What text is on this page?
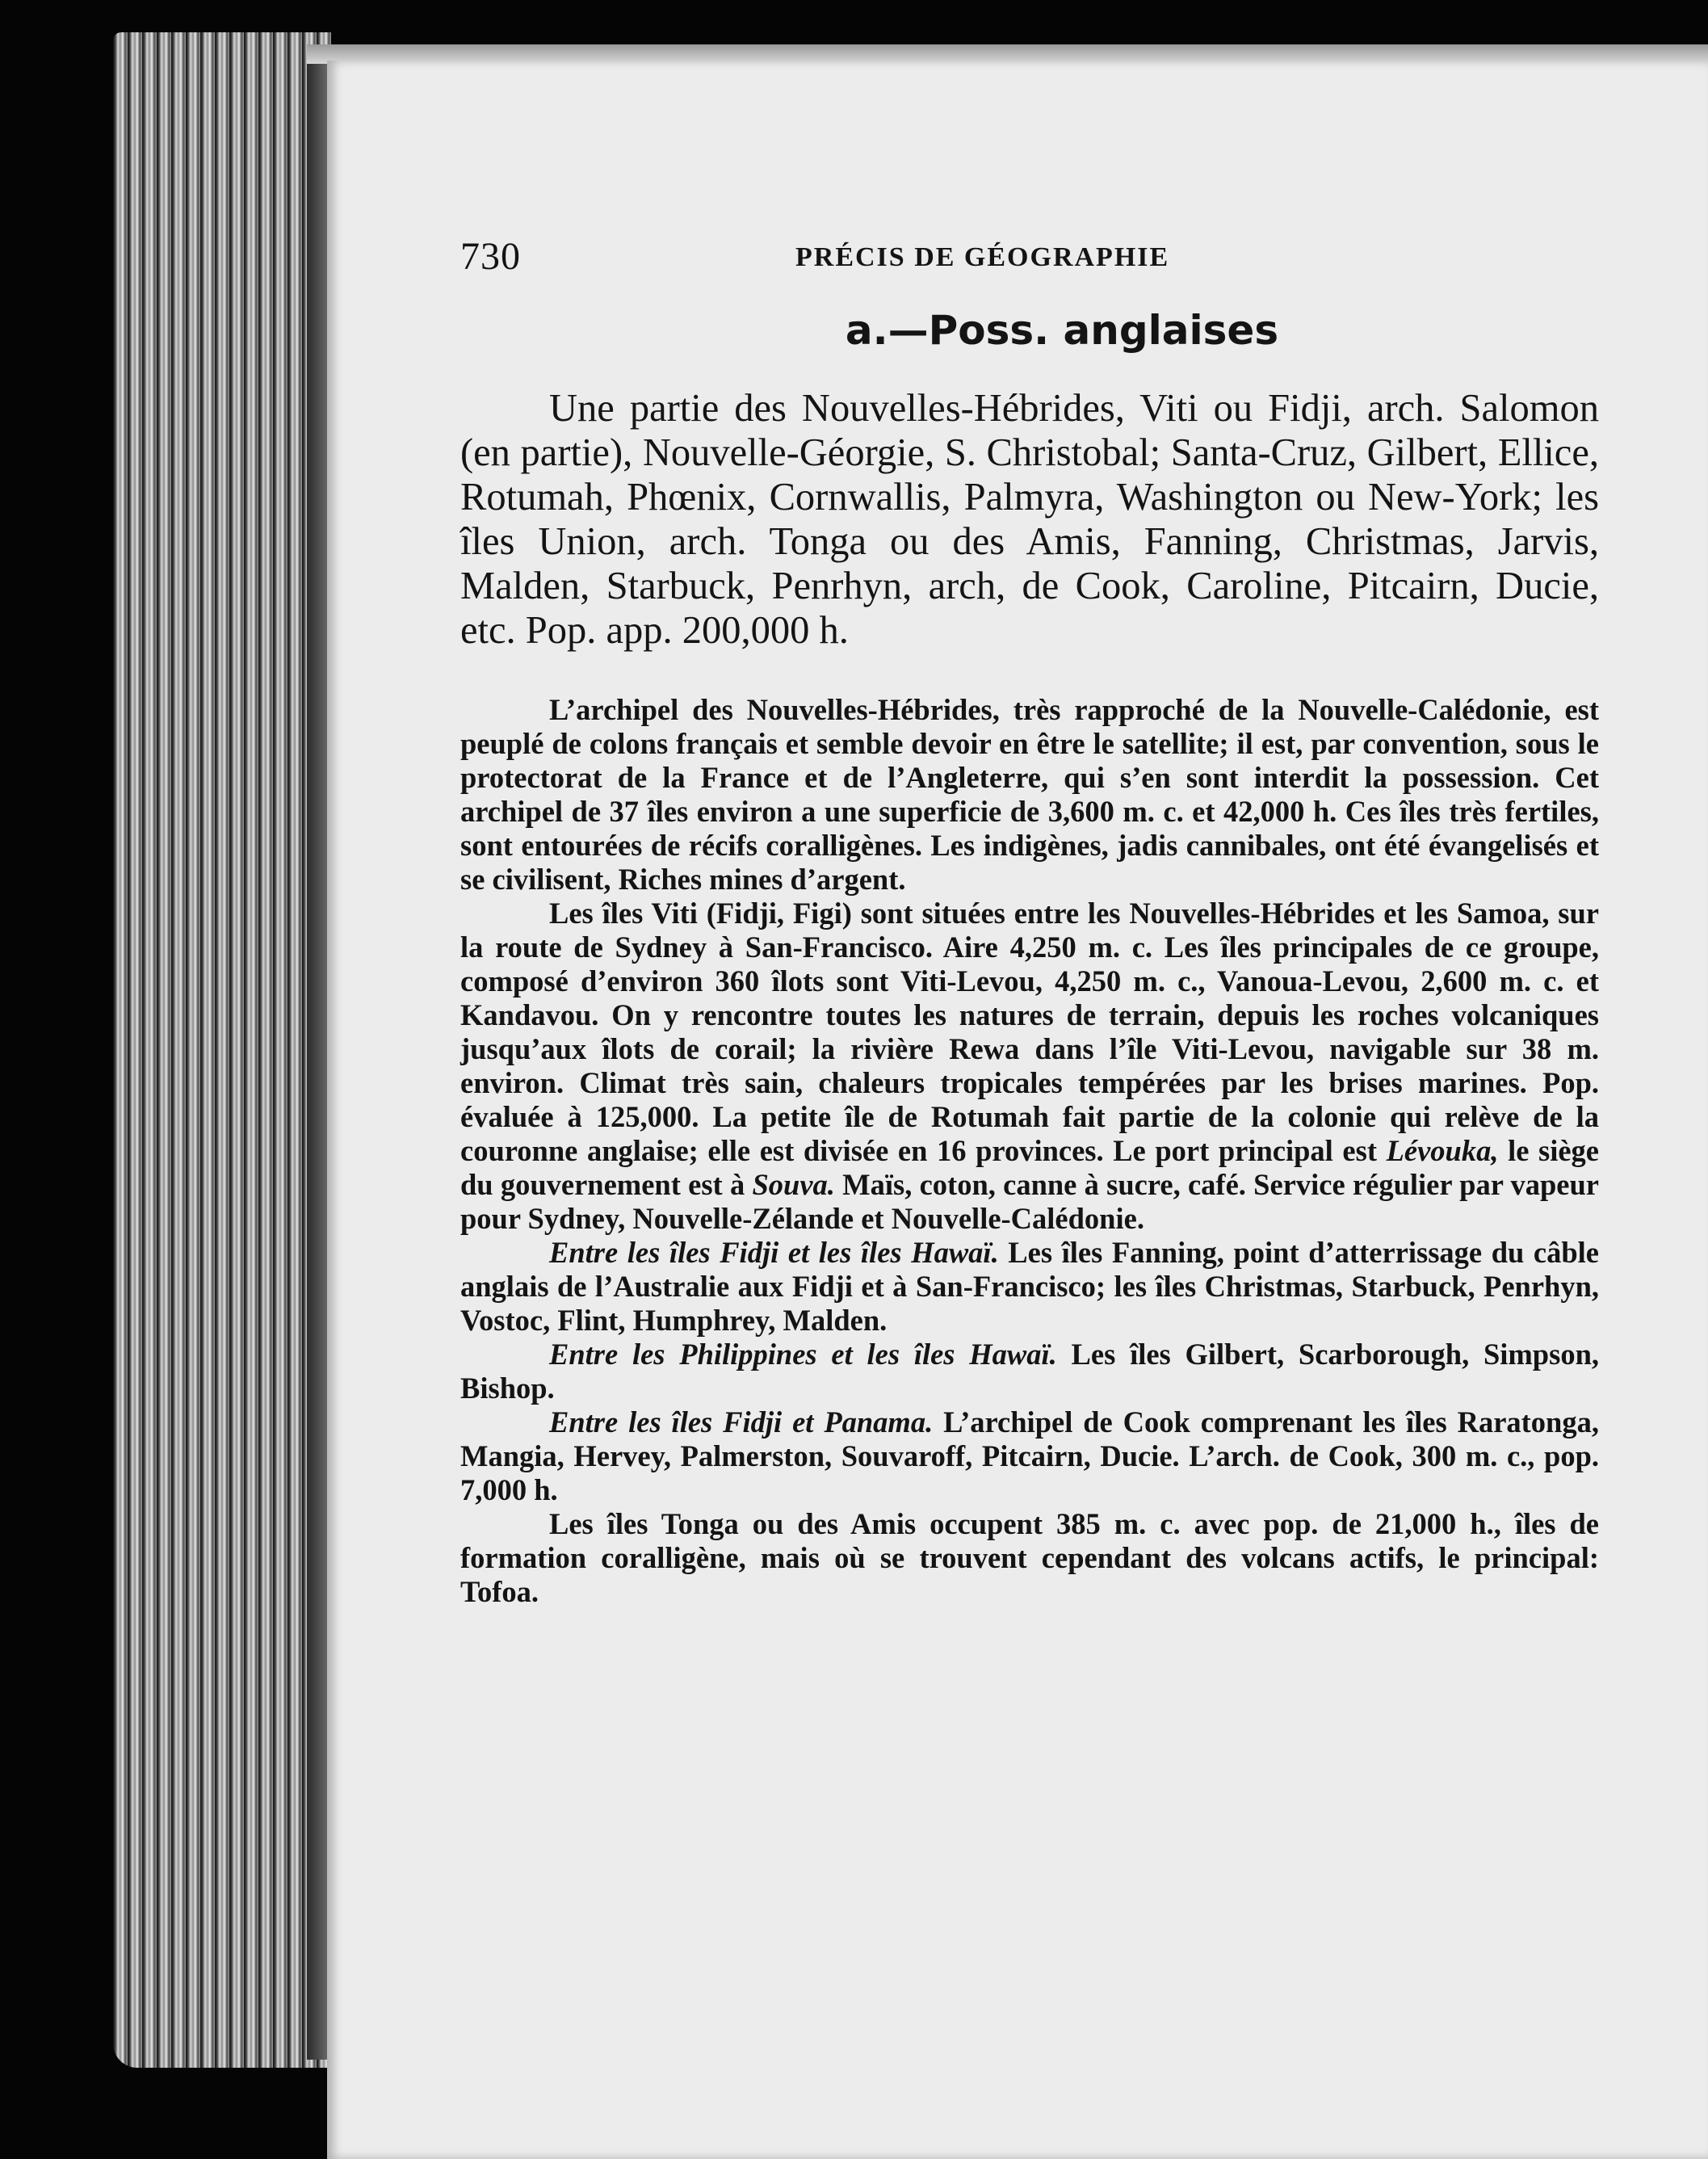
730	PRÉCIS DE GÉOGRAPHIE
a.—Poss. anglaises

Une partie des Nouvelles-Hébrides, Viti ou Fidji, arch. Salomon (en partie), Nouvelle-Géorgie, S. Christobal; Santa-Cruz, Gilbert, Ellice, Rotumah, Phœnix, Cornwallis, Palmyra, Washington ou New-York; les îles Union, arch. Tonga ou des Amis, Fanning, Christmas, Jarvis, Malden, Starbuck, Penrhyn, arch, de Cook, Caroline, Pitcairn, Ducie, etc. Pop. app. 200,000 h.

L’archipel des Nouvelles-Hébrides, très rapproché de la Nouvelle-Calédonie, est peuplé de colons français et semble devoir en être le satellite; il est, par convention, sous le protectorat de la France et de l’Angleterre, qui s’en sont interdit la possession. Cet archipel de 37 îles environ a une superficie de 3,600 m. c. et 42,000 h. Ces îles très fertiles, sont entourées de récifs coralligènes. Les indigènes, jadis cannibales, ont été évangelisés et se civilisent, Riches mines d’argent.

Les îles Viti (Fidji, Figi) sont situées entre les Nouvelles-Hébrides et les Samoa, sur la route de Sydney à San-Francisco. Aire 4,250 m. c. Les îles principales de ce groupe, composé d’environ 360 îlots sont Viti-Levou, 4,250 m. c., Vanoua-Levou, 2,600 m. c. et Kandavou. On y rencontre toutes les natures de terrain, depuis les roches volcaniques jusqu’aux îlots de corail; la rivière Rewa dans l’île Viti-Levou, navigable sur 38 m. environ. Climat très sain, chaleurs tropicales tempérées par les brises marines. Pop. évaluée à 125,000. La petite île de Rotumah fait partie de la colonie qui relève de la couronne anglaise; elle est divisée en 16 provinces. Le port principal est Lévouka, le siège du gouvernement est à Souva. Maïs, coton, canne à sucre, café. Service régulier par vapeur pour Sydney, Nouvelle-Zélande et Nouvelle-Calédonie.

Entre les îles Fidji et les îles Hawaï. Les îles Fanning, point d’atterrissage du câble anglais de l’Australie aux Fidji et à San-Francisco; les îles Christmas, Starbuck, Penrhyn, Vostoc, Flint, Humphrey, Malden.

Entre les Philippines et les îles Hawaï. Les îles Gilbert, Scarborough, Simpson, Bishop.

Entre les îles Fidji et Panama. L’archipel de Cook comprenant les îles Raratonga, Mangia, Hervey, Palmerston, Souvaroff, Pitcairn, Ducie. L’arch. de Cook, 300 m. c., pop. 7,000 h.

Les îles Tonga ou des Amis occupent 385 m. c. avec pop. de 21,000 h., îles de formation coralligène, mais où se trouvent cependant des volcans actifs, le principal: Tofoa.
